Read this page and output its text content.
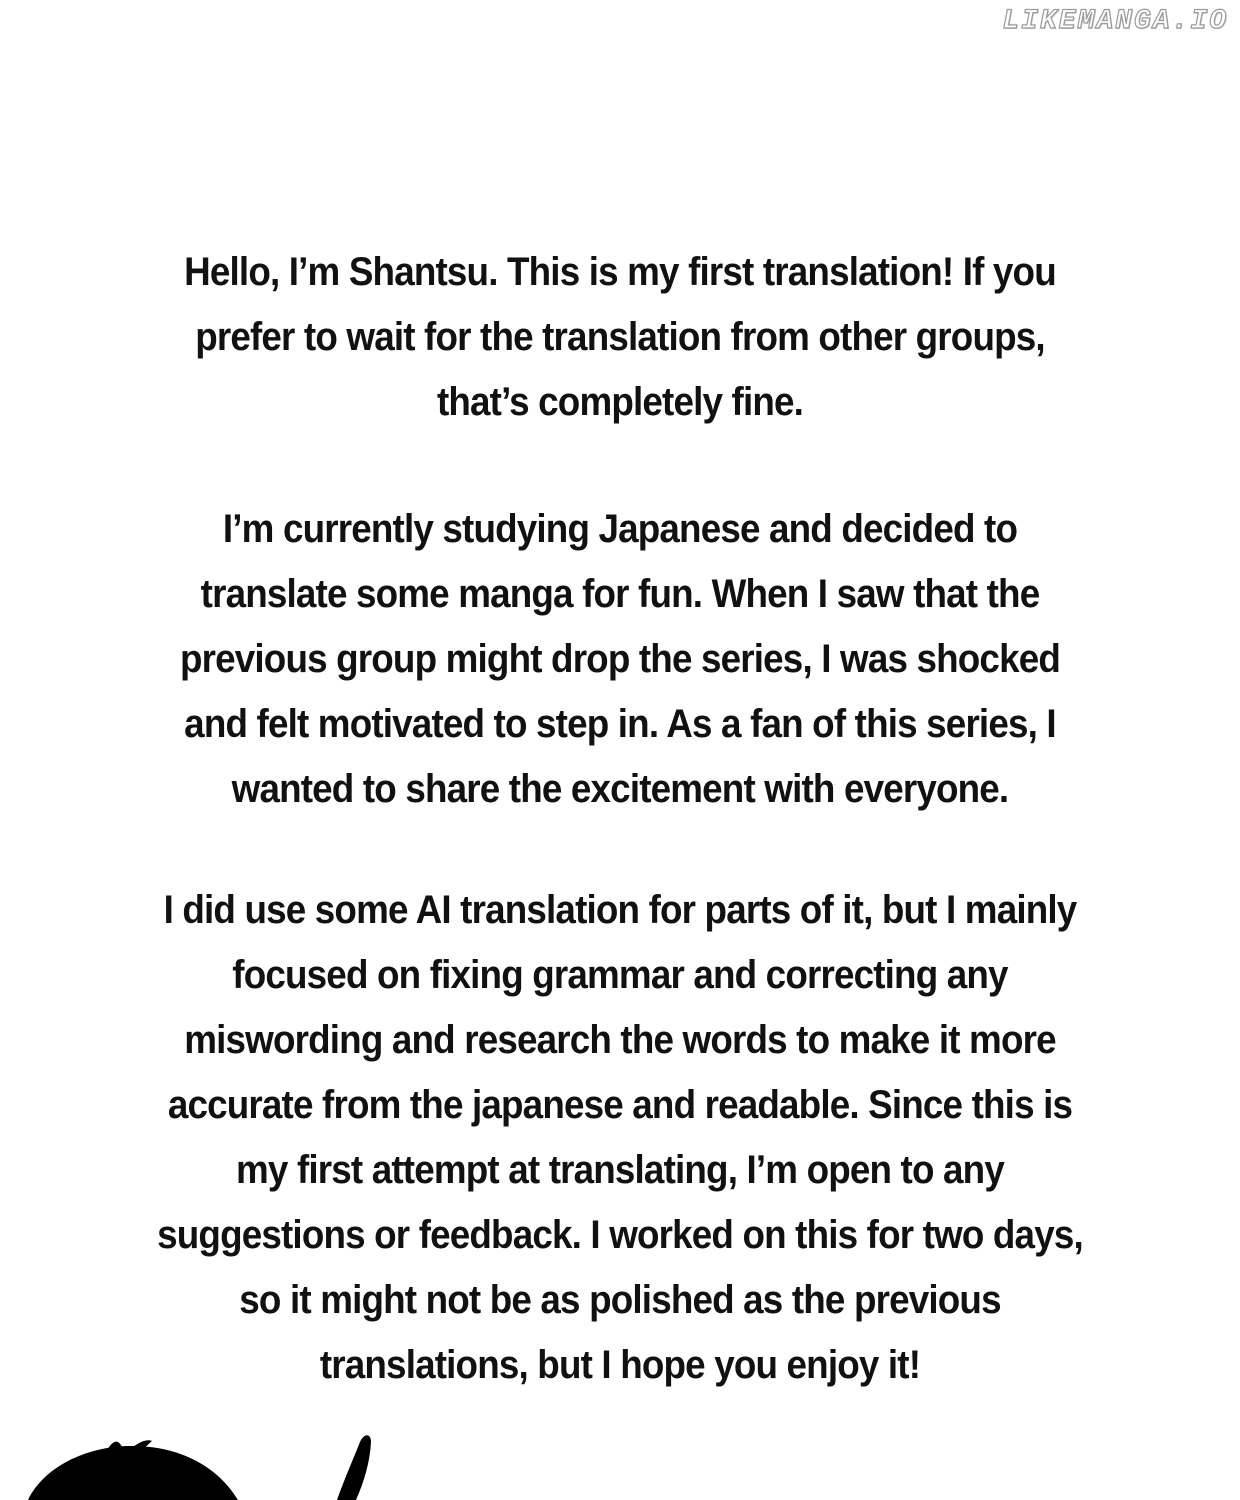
LIKEMANGA.IO

Hello, I’m Shantsu. This is my first translation! If you prefer to wait for the translation from other groups, that’s completely fine.

I’m currently studying Japanese and decided to translate some manga for fun. When I saw that the previous group might drop the series, I was shocked and felt motivated to step in. As a fan of this series, I wanted to share the excitement with everyone.

I did use some AI translation for parts of it, but I mainly focused on fixing grammar and correcting any miswording and research the words to make it more accurate from the japanese and readable. Since this is my first attempt at translating, I’m open to any suggestions or feedback. I worked on this for two days, so it might not be as polished as the previous translations, but I hope you enjoy it!
